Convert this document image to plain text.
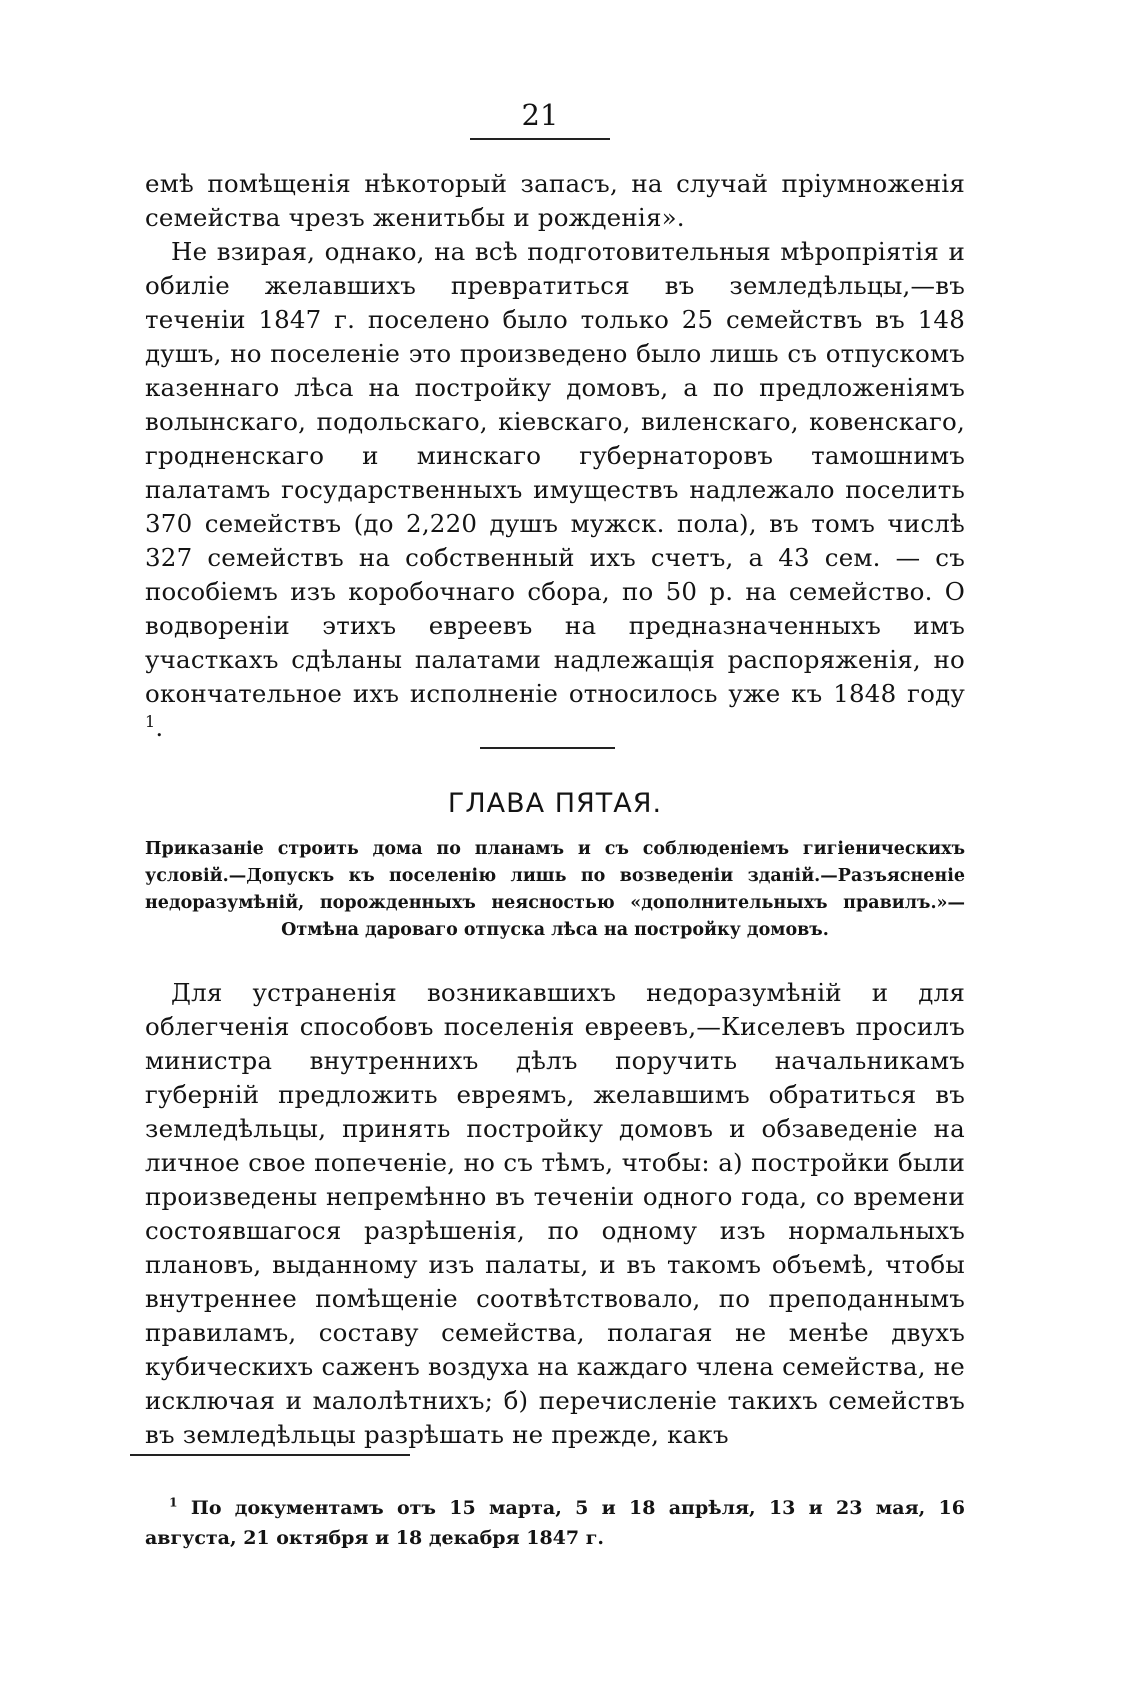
21

емѣ помѣщенія нѣкоторый запасъ, на случай пріумноженія семейства чрезъ женитьбы и рожденія».

Не взирая, однако, на всѣ подготовительныя мѣропріятія и обиліе желавшихъ превратиться въ земледѣльцы,—въ теченіи 1847 г. поселено было только 25 семействъ въ 148 душъ, но поселеніе это произведено было лишь съ отпускомъ казеннаго лѣса на постройку домовъ, а по предложеніямъ волынскаго, подольскаго, кіевскаго, виленскаго, ковенскаго, гродненскаго и минскаго губернаторовъ тамошнимъ палатамъ государственныхъ имуществъ надлежало поселить 370 семействъ (до 2,220 душъ мужск. пола), въ томъ числѣ 327 семействъ на собственный ихъ счетъ, а 43 сем. — съ пособіемъ изъ коробочнаго сбора, по 50 р. на семейство. О водвореніи этихъ евреевъ на предназначенныхъ имъ участкахъ сдѣланы палатами надлежащія распоряженія, но окончательное ихъ исполненіе относилось уже къ 1848 году $^1$.

ГЛАВА ПЯТАЯ.
Приказаніе строить дома по планамъ и съ соблюденіемъ гигіеническихъ условій.—Допускъ къ поселенію лишь по возведеніи зданій.—Разъясненіе недоразумѣній, порожденныхъ неясностью «дополнительныхъ правилъ.»—Отмѣна дароваго отпуска лѣса на постройку домовъ.

Для устраненія возникавшихъ недоразумѣній и для облегченія способовъ поселенія евреевъ,—Киселевъ просилъ министра внутреннихъ дѣлъ поручить начальникамъ губерній предложить евреямъ, желавшимъ обратиться въ земледѣльцы, принять постройку домовъ и обзаведеніе на личное свое попеченіе, но съ тѣмъ, чтобы: а) постройки были произведены непремѣнно въ теченіи одного года, со времени состоявшагося разрѣшенія, по одному изъ нормальныхъ плановъ, выданному изъ палаты, и въ такомъ объемѣ, чтобы внутреннее помѣщеніе соотвѣтствовало, по преподаннымъ правиламъ, составу семейства, полагая не менѣе двухъ кубическихъ саженъ воздуха на каждаго члена семейства, не исключая и малолѣтнихъ; б) перечисленіе такихъ семействъ въ земледѣльцы разрѣшать не прежде, какъ

$^1$ По документамъ отъ 15 марта, 5 и 18 апрѣля, 13 и 23 мая, 16 августа, 21 октября и 18 декабря 1847 г.
